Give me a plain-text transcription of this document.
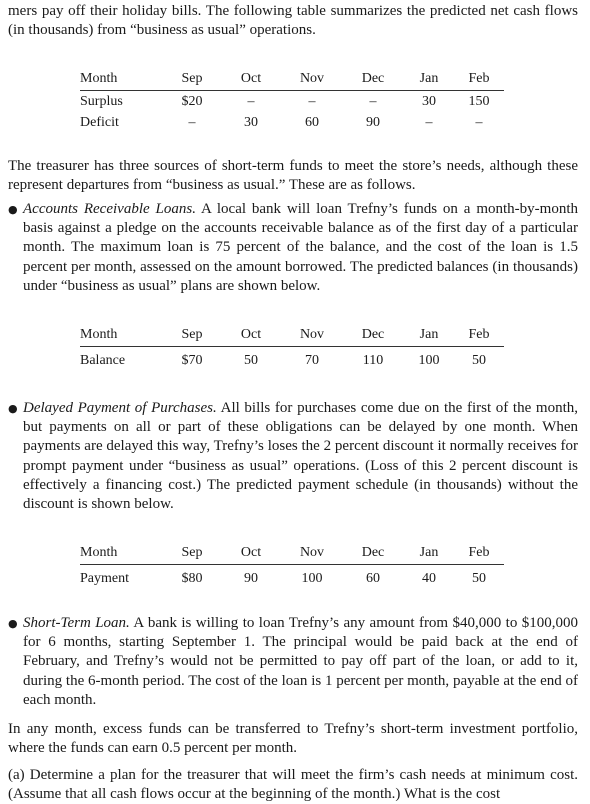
mers pay off their holiday bills. The following table summarizes the predicted net cash flows (in thousands) from “business as usual” operations.
Month	Sep	Oct	Nov	Dec	Jan	Feb
Surplus	$20	–	–	–	30	150
Deficit	–	30	60	90	–	–
The treasurer has three sources of short-term funds to meet the store’s needs, although these represent departures from “business as usual.” These are as follows.
● Accounts Receivable Loans. A local bank will loan Trefny’s funds on a month-by-month basis against a pledge on the accounts receivable balance as of the first day of a particular month. The maximum loan is 75 percent of the balance, and the cost of the loan is 1.5 percent per month, assessed on the amount borrowed. The predicted balances (in thousands) under “business as usual” plans are shown below.
Month	Sep	Oct	Nov	Dec	Jan	Feb
Balance	$70	50	70	110	100	50
● Delayed Payment of Purchases. All bills for purchases come due on the first of the month, but payments on all or part of these obligations can be delayed by one month. When payments are delayed this way, Trefny’s loses the 2 percent discount it normally receives for prompt payment under “business as usual” operations. (Loss of this 2 percent discount is effectively a financing cost.) The predicted payment schedule (in thousands) without the discount is shown below.
Month	Sep	Oct	Nov	Dec	Jan	Feb
Payment	$80	90	100	60	40	50
● Short-Term Loan. A bank is willing to loan Trefny’s any amount from $40,000 to $100,000 for 6 months, starting September 1. The principal would be paid back at the end of February, and Trefny’s would not be permitted to pay off part of the loan, or add to it, during the 6-month period. The cost of the loan is 1 percent per month, payable at the end of each month.
In any month, excess funds can be transferred to Trefny’s short-term investment portfolio, where the funds can earn 0.5 percent per month.
(a) Determine a plan for the treasurer that will meet the firm’s cash needs at minimum cost. (Assume that all cash flows occur at the beginning of the month.) What is the cost
